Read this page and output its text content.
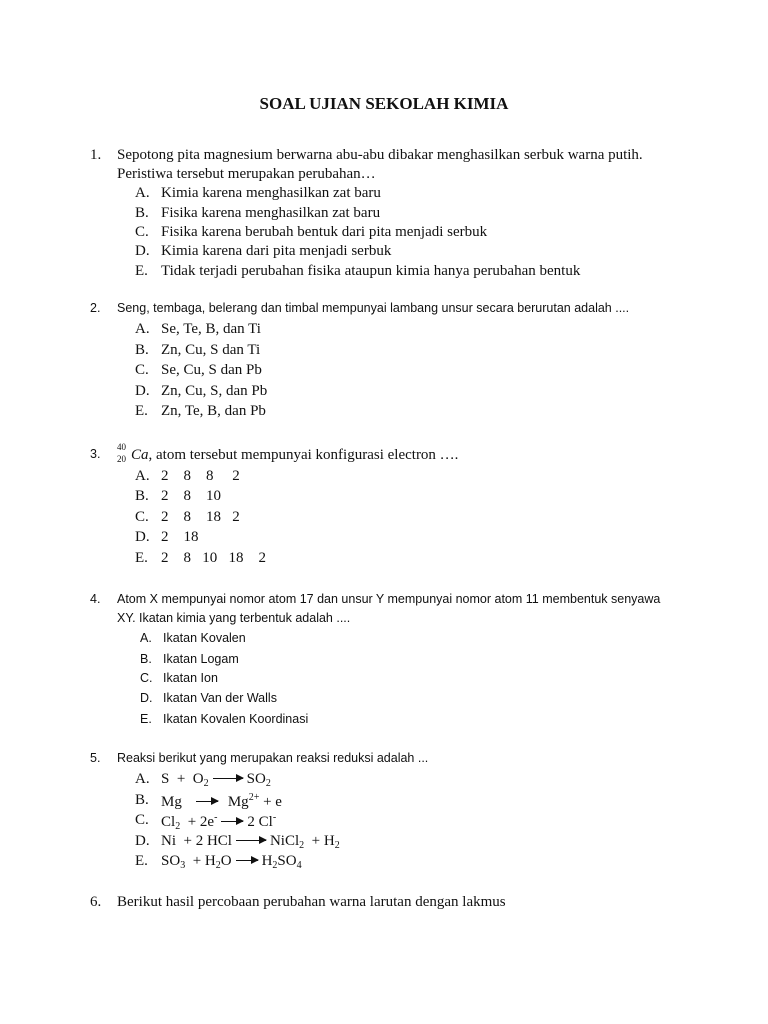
SOAL UJIAN SEKOLAH KIMIA
1. Sepotong pita magnesium berwarna abu-abu dibakar menghasilkan serbuk warna putih.
Peristiwa tersebut merupakan perubahan…
A. Kimia karena menghasilkan zat baru
B. Fisika karena menghasilkan zat baru
C. Fisika karena berubah bentuk dari pita menjadi serbuk
D. Kimia karena dari pita menjadi serbuk
E. Tidak terjadi perubahan fisika ataupun kimia hanya perubahan bentuk
2. Seng, tembaga, belerang dan timbal mempunyai lambang unsur secara berurutan adalah ....
A. Se, Te, B, dan Ti
B. Zn, Cu, S dan Ti
C. Se, Cu, S dan Pb
D. Zn, Cu, S, dan Pb
E. Zn, Te, B, dan Pb
3. 40
20 Ca, atom tersebut mempunyai konfigurasi electron ….
A. 2    8    8     2
B. 2    8    10
C. 2    8    18   2
D. 2    18
E. 2    8   10   18    2
4. Atom X mempunyai nomor atom 17 dan unsur Y mempunyai nomor atom 11 membentuk senyawa
XY. Ikatan kimia yang terbentuk adalah ....
A. Ikatan Kovalen
B. Ikatan Logam
C. Ikatan Ion
D. Ikatan Van der Walls
E. Ikatan Kovalen Koordinasi
5. Reaksi berikut yang merupakan reaksi reduksi adalah ...
A. $S + O_2$	$SO_2$
B. Mg	$Mg^{2+} + e$
C. $Cl_2 + 2e^-$ 2 Cl-
D. Ni  + 2 HCl	NiCl$_2$  + $H_2$
E. $SO_3 + H_2O$ $H_2SO_4$
6. Berikut hasil percobaan perubahan warna larutan dengan lakmus
